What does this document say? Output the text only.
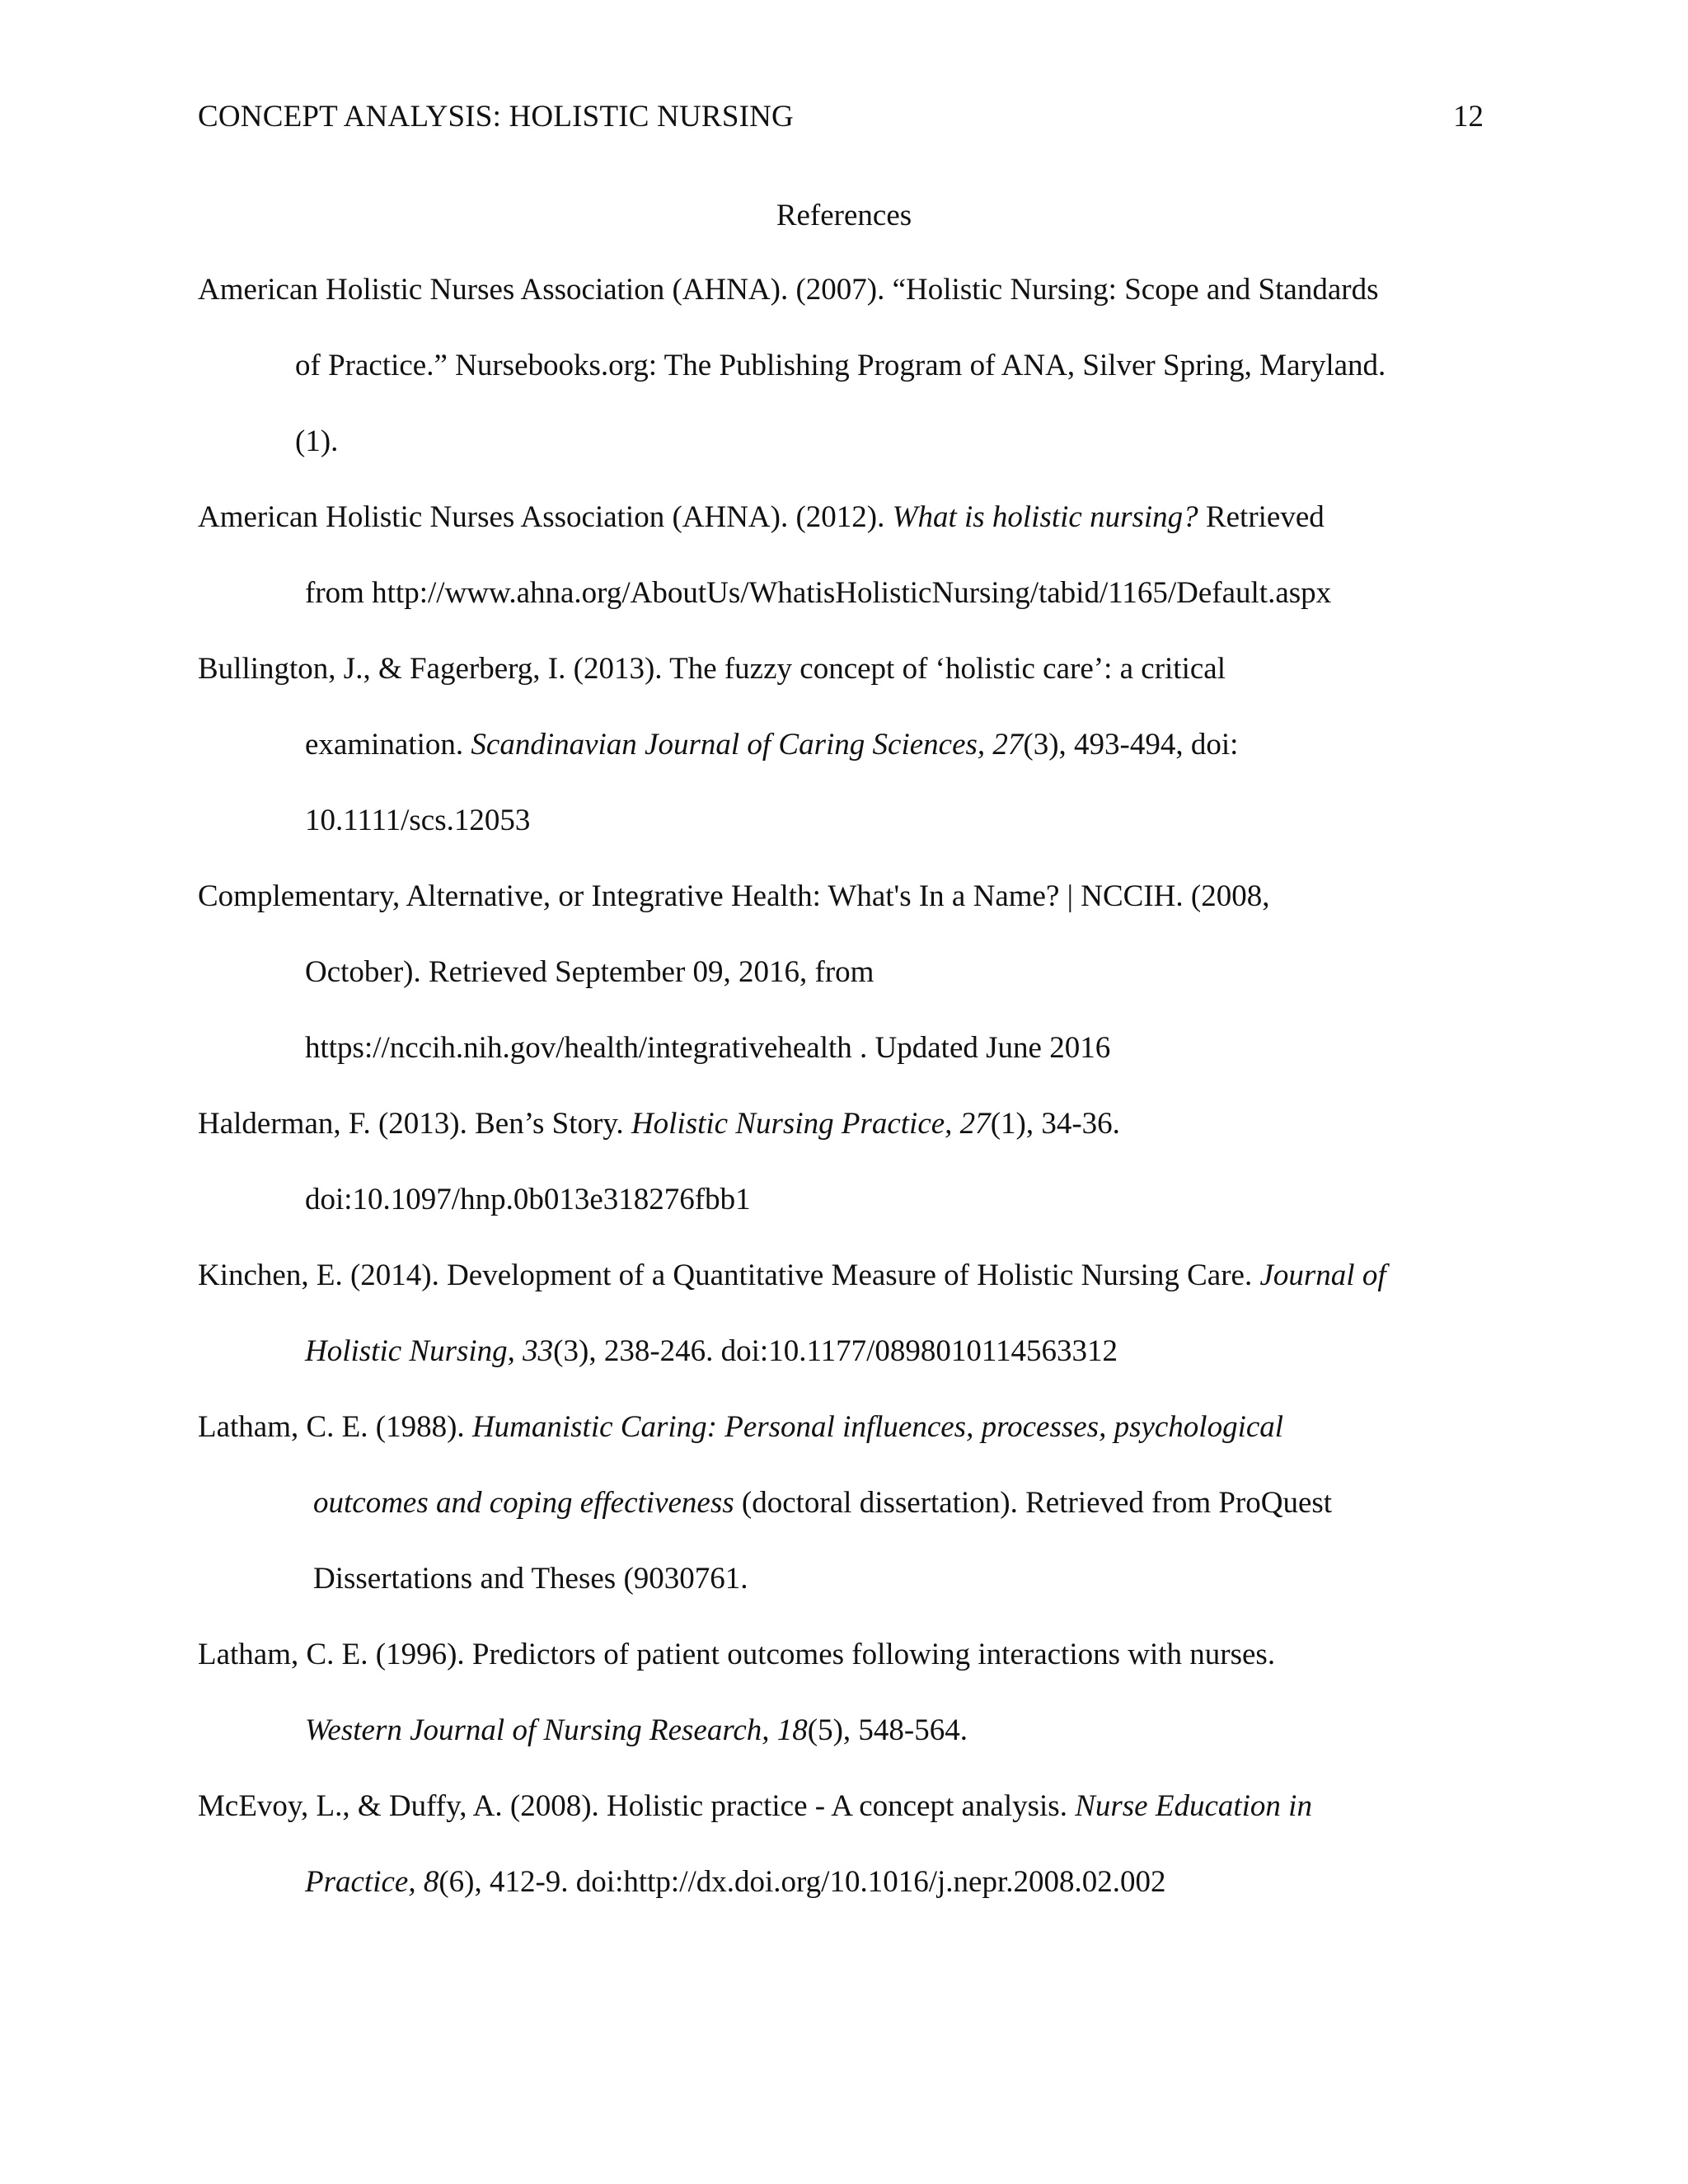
CONCEPT ANALYSIS: HOLISTIC NURSING	12
References
American Holistic Nurses Association (AHNA). (2007). “Holistic Nursing: Scope and Standards
of Practice.” Nursebooks.org: The Publishing Program of ANA, Silver Spring, Maryland.
(1).
American Holistic Nurses Association (AHNA). (2012). What is holistic nursing? Retrieved
from http://www.ahna.org/AboutUs/WhatisHolisticNursing/tabid/1165/Default.aspx
Bullington, J., & Fagerberg, I. (2013). The fuzzy concept of ‘holistic care’: a critical
examination. Scandinavian Journal of Caring Sciences, 27(3), 493-494, doi:
10.1111/scs.12053
Complementary, Alternative, or Integrative Health: What's In a Name? | NCCIH. (2008,
October). Retrieved September 09, 2016, from
https://nccih.nih.gov/health/integrativehealth . Updated June 2016
Halderman, F. (2013). Ben’s Story. Holistic Nursing Practice, 27(1), 34-36.
doi:10.1097/hnp.0b013e318276fbb1
Kinchen, E. (2014). Development of a Quantitative Measure of Holistic Nursing Care. Journal of
Holistic Nursing, 33(3), 238-246. doi:10.1177/0898010114563312
Latham, C. E. (1988). Humanistic Caring: Personal influences, processes, psychological
outcomes and coping effectiveness (doctoral dissertation). Retrieved from ProQuest
Dissertations and Theses (9030761.
Latham, C. E. (1996). Predictors of patient outcomes following interactions with nurses.
Western Journal of Nursing Research, 18(5), 548-564.
McEvoy, L., & Duffy, A. (2008). Holistic practice - A concept analysis. Nurse Education in
Practice, 8(6), 412-9. doi:http://dx.doi.org/10.1016/j.nepr.2008.02.002
